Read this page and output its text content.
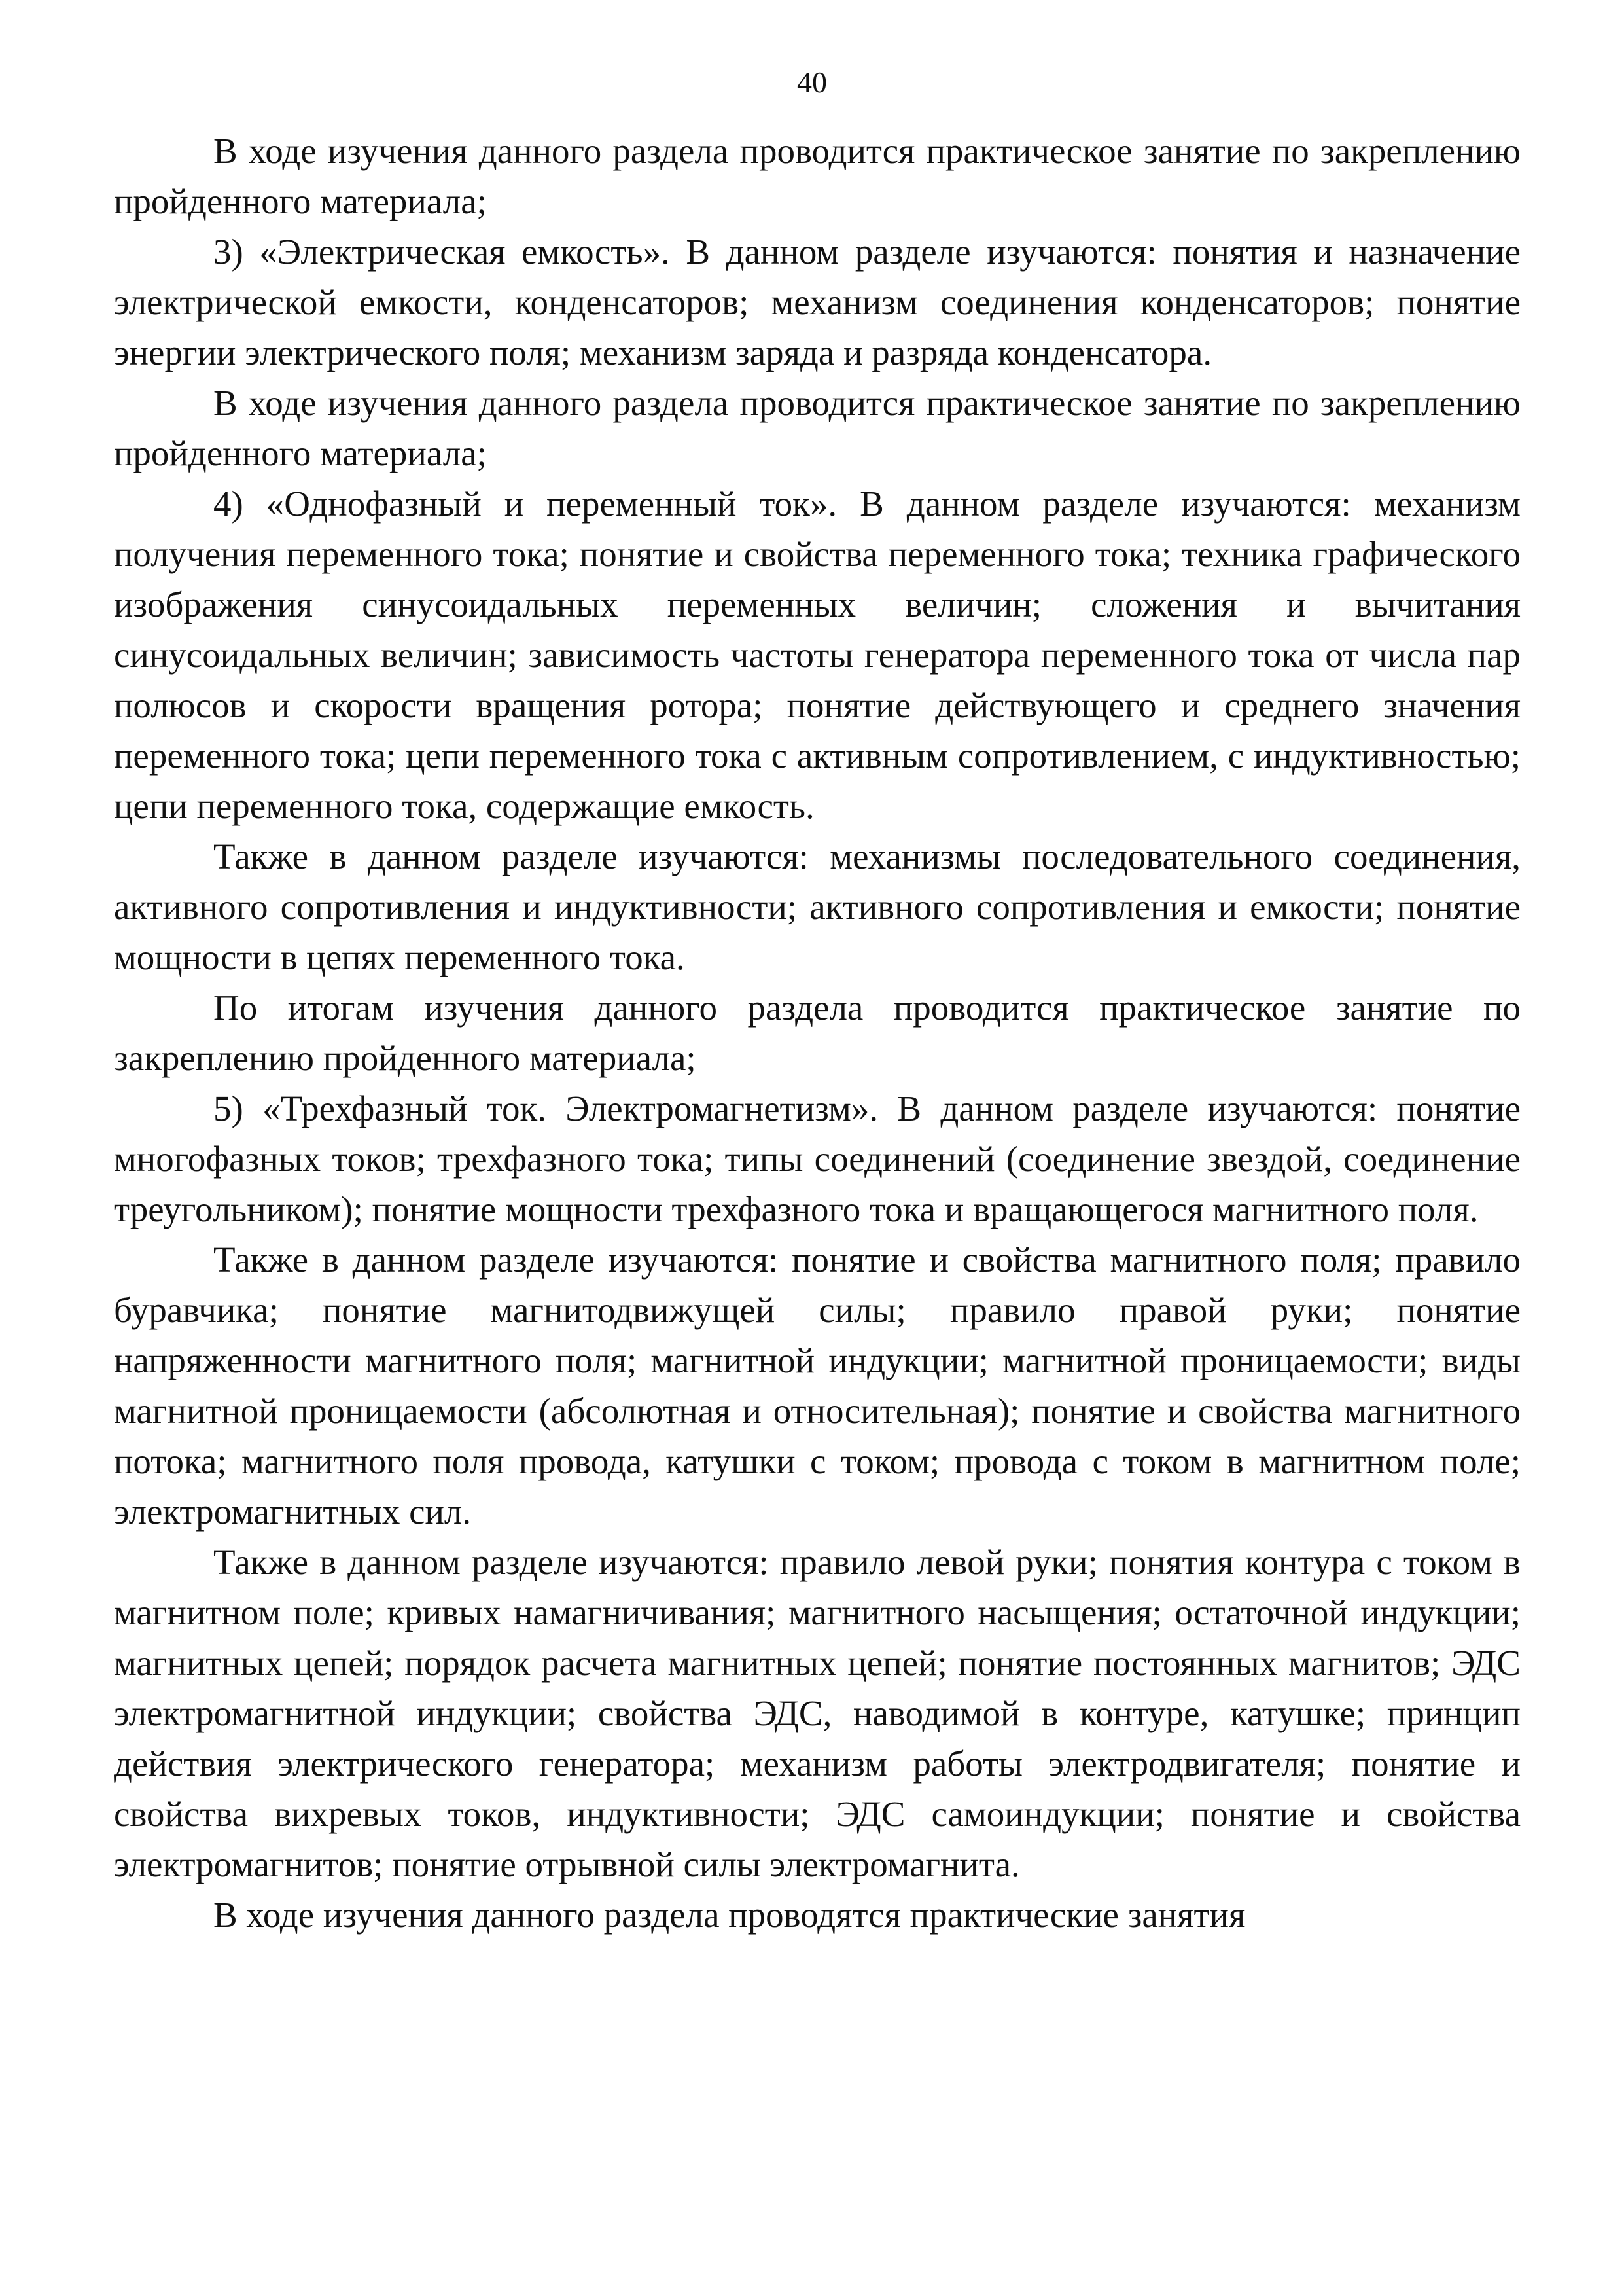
40

В ходе изучения данного раздела проводится практическое занятие по закреплению пройденного материала;

3) «Электрическая емкость». В данном разделе изучаются: понятия и назначение электрической емкости, конденсаторов; механизм соединения конденсаторов; понятие энергии электрического поля; механизм заряда и разряда конденсатора.

В ходе изучения данного раздела проводится практическое занятие по закреплению пройденного материала;

4) «Однофазный и переменный ток». В данном разделе изучаются: механизм получения переменного тока; понятие и свойства переменного тока; техника графического изображения синусоидальных переменных величин; сложения и вычитания синусоидальных величин; зависимость частоты генератора переменного тока от числа пар полюсов и скорости вращения ротора; понятие действующего и среднего значения переменного тока; цепи переменного тока с активным сопротивлением, с индуктивностью; цепи переменного тока, содержащие емкость.

Также в данном разделе изучаются: механизмы последовательного соединения, активного сопротивления и индуктивности; активного сопротивления и емкости; понятие мощности в цепях переменного тока.

По итогам изучения данного раздела проводится практическое занятие по закреплению пройденного материала;

5) «Трехфазный ток. Электромагнетизм». В данном разделе изучаются: понятие многофазных токов; трехфазного тока; типы соединений (соединение звездой, соединение треугольником); понятие мощности трехфазного тока и вращающегося магнитного поля.

Также в данном разделе изучаются: понятие и свойства магнитного поля; правило буравчика; понятие магнитодвижущей силы; правило правой руки; понятие напряженности магнитного поля; магнитной индукции; магнитной проницаемости; виды магнитной проницаемости (абсолютная и относительная); понятие и свойства магнитного потока; магнитного поля провода, катушки с током; провода с током в магнитном поле; электромагнитных сил.

Также в данном разделе изучаются: правило левой руки; понятия контура с током в магнитном поле; кривых намагничивания; магнитного насыщения; остаточной индукции; магнитных цепей; порядок расчета магнитных цепей; понятие постоянных магнитов; ЭДС электромагнитной индукции; свойства ЭДС, наводимой в контуре, катушке; принцип действия электрического генератора; механизм работы электродвигателя; понятие и свойства вихревых токов, индуктивности; ЭДС самоиндукции; понятие и свойства электромагнитов; понятие отрывной силы электромагнита.

В ходе изучения данного раздела проводятся практические занятия
